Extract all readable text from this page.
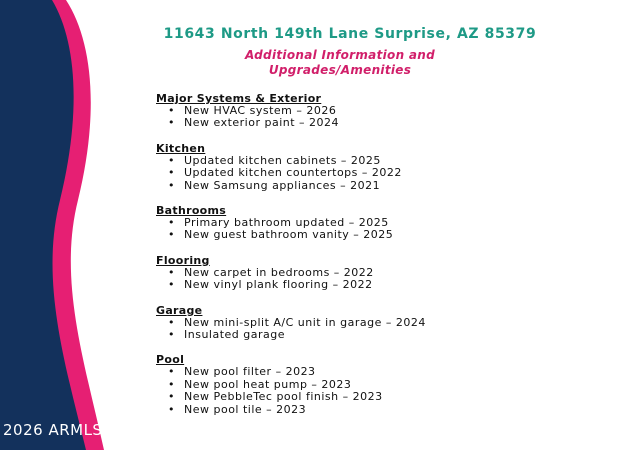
11643 North 149th Lane Surprise, AZ 85379
Additional Information and
Upgrades/Amenities
Major Systems & Exterior
• New HVAC system – 2026
• New exterior paint – 2024
Kitchen
• Updated kitchen cabinets – 2025
• Updated kitchen countertops – 2022
• New Samsung appliances – 2021
Bathrooms
• Primary bathroom updated – 2025
• New guest bathroom vanity – 2025
Flooring
• New carpet in bedrooms – 2022
• New vinyl plank flooring – 2022
Garage
• New mini-split A/C unit in garage – 2024
• Insulated garage
Pool
• New pool filter – 2023
• New pool heat pump – 2023
• New PebbleTec pool finish – 2023
• New pool tile – 2023
2026 ARMLS
